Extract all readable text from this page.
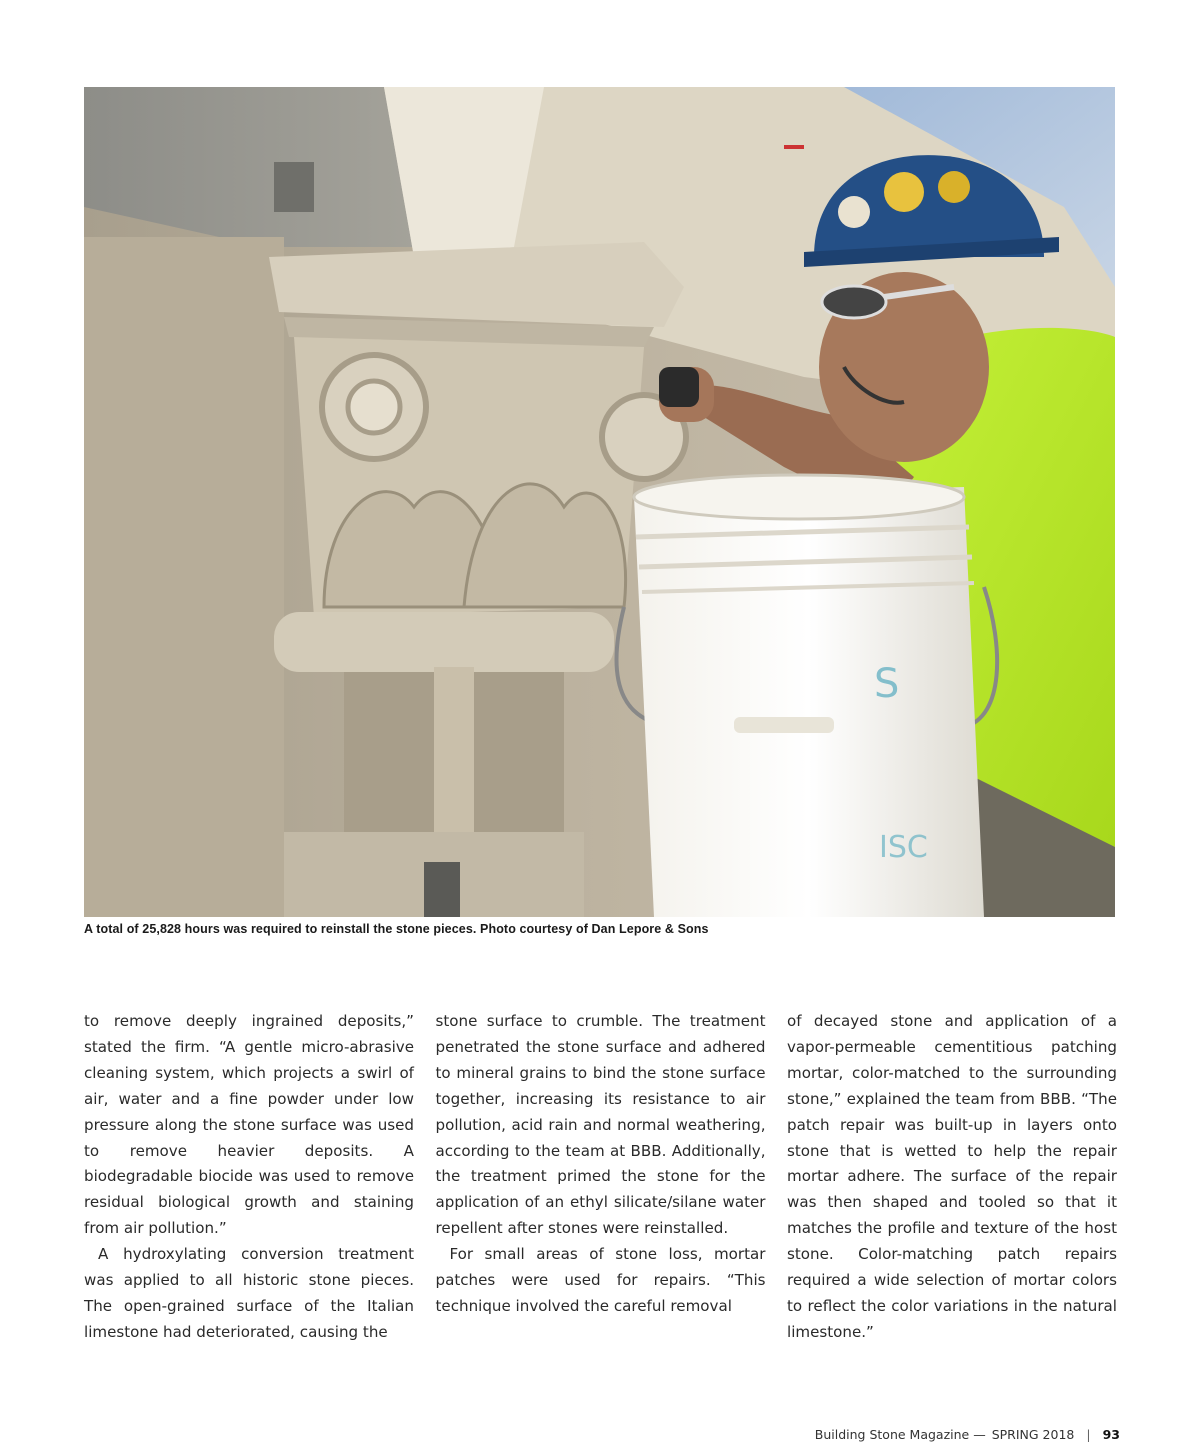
S
ISC
A total of 25,828 hours was required to reinstall the stone pieces. Photo courtesy of Dan Lepore & Sons

to remove deeply ingrained deposits,” stated the firm. “A gentle micro-abrasive cleaning system, which projects a swirl of air, water and a fine powder under low pressure along the stone surface was used to remove heavier deposits. A biodegradable biocide was used to remove residual biological growth and staining from air pollution.”

A hydroxylating conversion treatment was applied to all historic stone pieces. The open-grained surface of the Italian limestone had deteriorated, causing the

stone surface to crumble. The treatment penetrated the stone surface and adhered to mineral grains to bind the stone surface together, increasing its resistance to air pollution, acid rain and normal weathering, according to the team at BBB. Additionally, the treatment primed the stone for the application of an ethyl silicate/silane water repellent after stones were reinstalled.

For small areas of stone loss, mortar patches were used for repairs. “This technique involved the careful removal

of decayed stone and application of a vapor-permeable cementitious patching mortar, color-matched to the surrounding stone,” explained the team from BBB. “The patch repair was built-up in layers onto stone that is wetted to help the repair mortar adhere. The surface of the repair was then shaped and tooled so that it matches the profile and texture of the host stone. Color-matching patch repairs required a wide selection of mortar colors to reflect the color variations in the natural limestone.”

Building Stone Magazine — SPRING 2018 | 93
